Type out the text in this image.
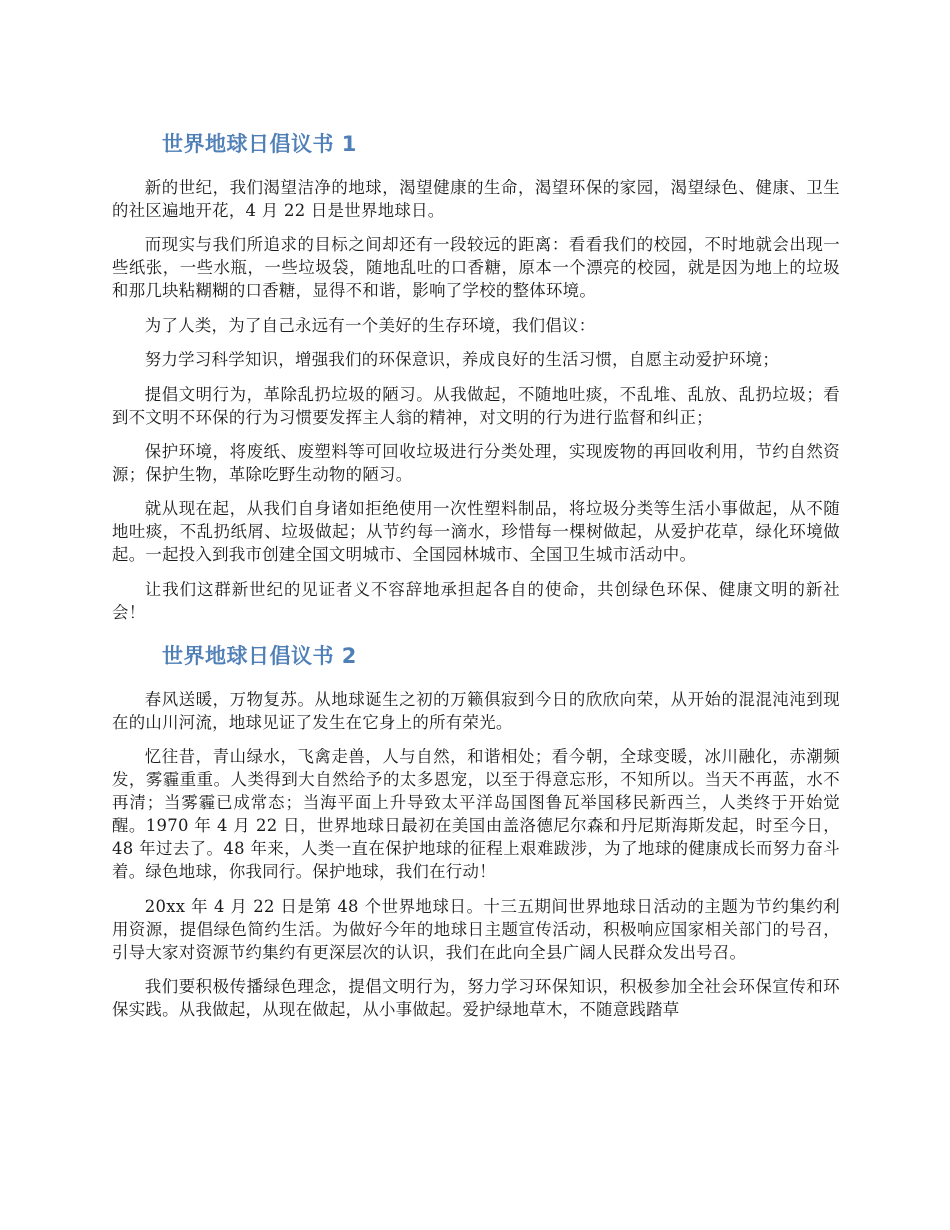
世界地球日倡议书 1

新的世纪，我们渴望洁净的地球，渴望健康的生命，渴望环保的家园，渴望绿色、健康、卫生的社区遍地开花，4 月 22 日是世界地球日。

而现实与我们所追求的目标之间却还有一段较远的距离：看看我们的校园，不时地就会出现一些纸张，一些水瓶，一些垃圾袋，随地乱吐的口香糖，原本一个漂亮的校园，就是因为地上的垃圾和那几块粘糊糊的口香糖，显得不和谐，影响了学校的整体环境。

为了人类，为了自己永远有一个美好的生存环境，我们倡议：

努力学习科学知识，增强我们的环保意识，养成良好的生活习惯，自愿主动爱护环境；

提倡文明行为，革除乱扔垃圾的陋习。从我做起，不随地吐痰，不乱堆、乱放、乱扔垃圾；看到不文明不环保的行为习惯要发挥主人翁的精神，对文明的行为进行监督和纠正；

保护环境，将废纸、废塑料等可回收垃圾进行分类处理，实现废物的再回收利用，节约自然资源；保护生物，革除吃野生动物的陋习。

就从现在起，从我们自身诸如拒绝使用一次性塑料制品，将垃圾分类等生活小事做起，从不随地吐痰，不乱扔纸屑、垃圾做起；从节约每一滴水，珍惜每一棵树做起，从爱护花草，绿化环境做起。一起投入到我市创建全国文明城市、全国园林城市、全国卫生城市活动中。

让我们这群新世纪的见证者义不容辞地承担起各自的使命，共创绿色环保、健康文明的新社会！

世界地球日倡议书 2

春风送暖，万物复苏。从地球诞生之初的万籁俱寂到今日的欣欣向荣，从开始的混混沌沌到现在的山川河流，地球见证了发生在它身上的所有荣光。

忆往昔，青山绿水，飞禽走兽，人与自然，和谐相处；看今朝，全球变暖，冰川融化，赤潮频发，雾霾重重。人类得到大自然给予的太多恩宠，以至于得意忘形，不知所以。当天不再蓝，水不再清；当雾霾已成常态；当海平面上升导致太平洋岛国图鲁瓦举国移民新西兰，人类终于开始觉醒。1970 年 4 月 22 日，世界地球日最初在美国由盖洛德尼尔森和丹尼斯海斯发起，时至今日，48 年过去了。48 年来，人类一直在保护地球的征程上艰难跋涉，为了地球的健康成长而努力奋斗着。绿色地球，你我同行。保护地球，我们在行动！

20xx 年 4 月 22 日是第 48 个世界地球日。十三五期间世界地球日活动的主题为节约集约利用资源，提倡绿色简约生活。为做好今年的地球日主题宣传活动，积极响应国家相关部门的号召，引导大家对资源节约集约有更深层次的认识，我们在此向全县广阔人民群众发出号召。

我们要积极传播绿色理念，提倡文明行为，努力学习环保知识，积极参加全社会环保宣传和环保实践。从我做起，从现在做起，从小事做起。爱护绿地草木，不随意践踏草
